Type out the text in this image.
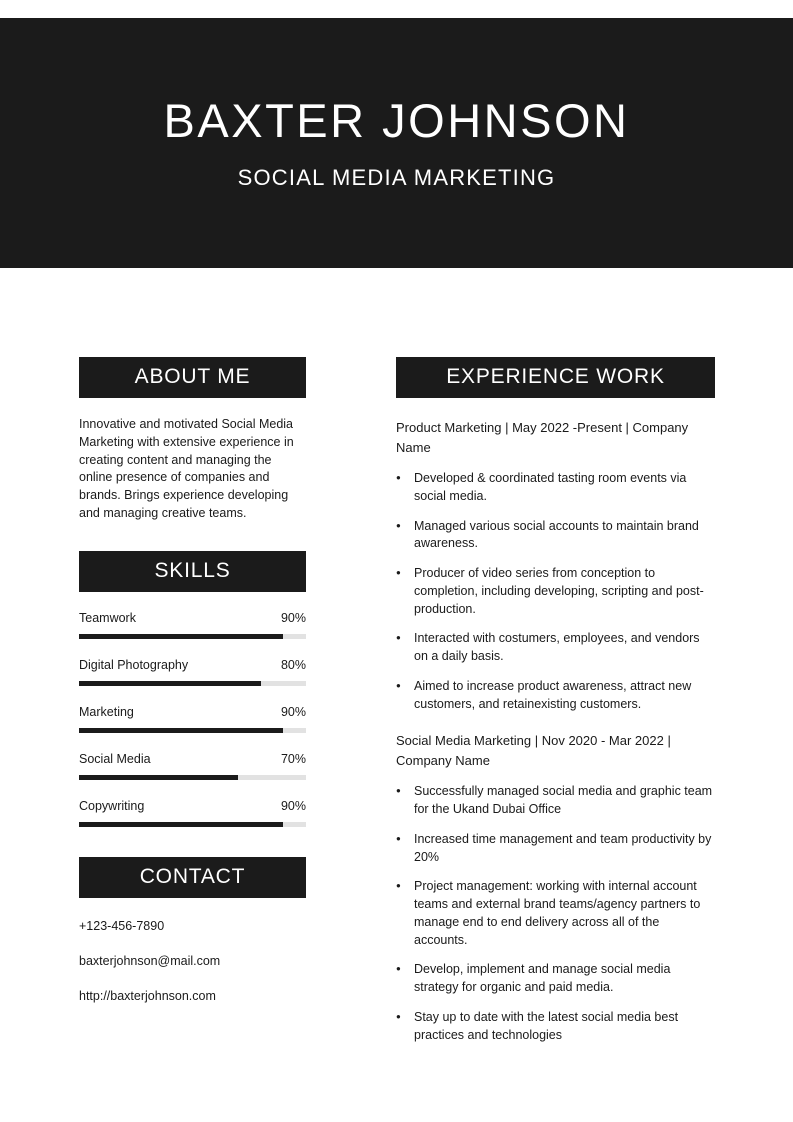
BAXTER JOHNSON
SOCIAL MEDIA MARKETING
ABOUT ME
Innovative and motivated Social Media Marketing with extensive experience in creating content and managing the online presence of companies and brands. Brings experience developing and managing creative teams.
SKILLS
Teamwork	90%
Digital Photography	80%
Marketing	90%
Social Media	70%
Copywriting	90%
CONTACT
+123-456-7890
baxterjohnson@mail.com
http://baxterjohnson.com
EXPERIENCE WORK
Product Marketing | May 2022 -Present | Company Name
● Developed & coordinated tasting room events via social media.
● Managed various social accounts to maintain brand awareness.
● Producer of video series from conception to completion, including developing, scripting and post-production.
● Interacted with costumers, employees, and vendors on a daily basis.
● Aimed to increase product awareness, attract new customers, and retainexisting customers.
Social Media Marketing | Nov 2020 - Mar 2022 | Company Name
● Successfully managed social media and graphic team for the Ukand Dubai Office
● Increased time management and team productivity by 20%
● Project management: working with internal account teams and external brand teams/agency partners to manage end to end delivery across all of the accounts.
● Develop, implement and manage social media strategy for organic and paid media.
● Stay up to date with the latest social media best practices and technologies
